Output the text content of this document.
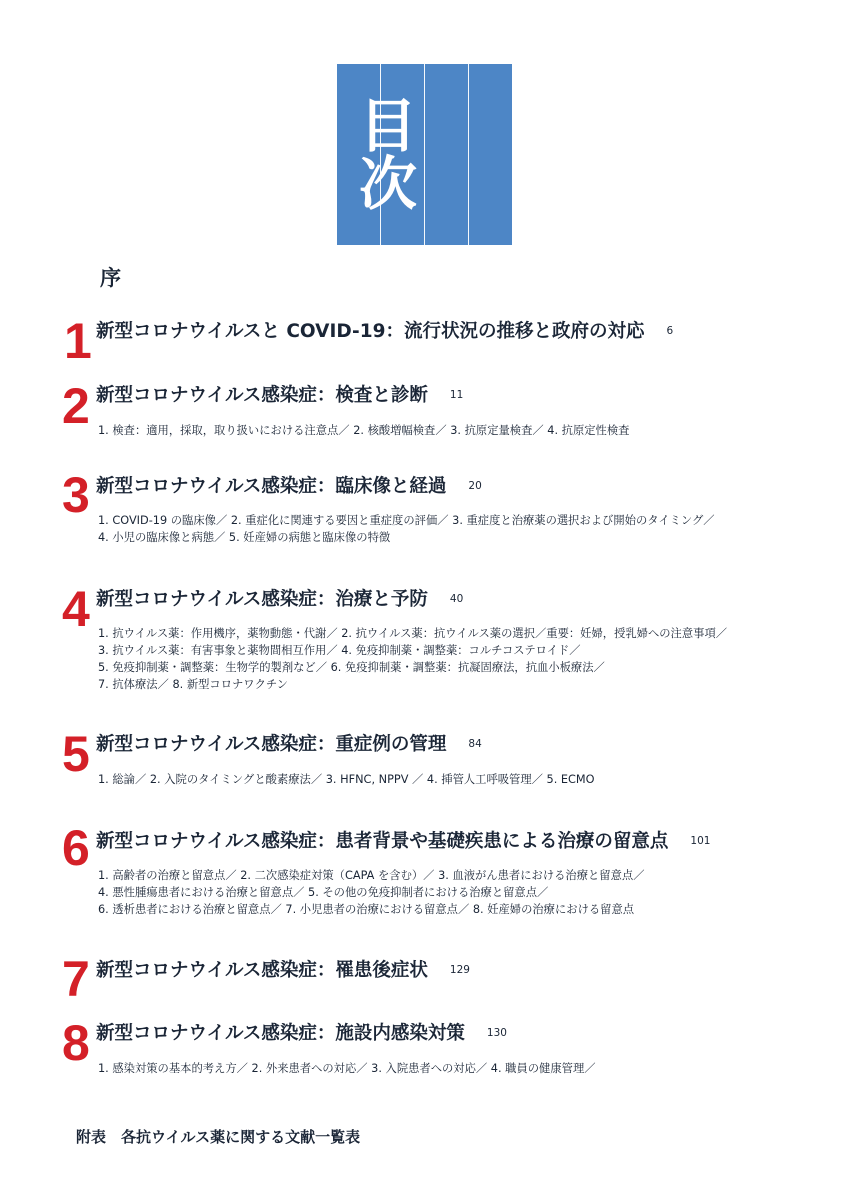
目 次
序
1 新型コロナウイルスと COVID-19：流行状況の推移と政府の対応 6
2 新型コロナウイルス感染症：検査と診断 11
1. 検査：適用，採取，取り扱いにおける注意点／ 2. 核酸増幅検査／ 3. 抗原定量検査／ 4. 抗原定性検査
3 新型コロナウイルス感染症：臨床像と経過 20
1. COVID-19 の臨床像／ 2. 重症化に関連する要因と重症度の評価／ 3. 重症度と治療薬の選択および開始のタイミング／
4. 小児の臨床像と病態／ 5. 妊産婦の病態と臨床像の特徴
4 新型コロナウイルス感染症：治療と予防 40
1. 抗ウイルス薬：作用機序，薬物動態・代謝／ 2. 抗ウイルス薬：抗ウイルス薬の選択／重要：妊婦，授乳婦への注意事項／
3. 抗ウイルス薬：有害事象と薬物間相互作用／ 4. 免疫抑制薬・調整薬：コルチコステロイド／
5. 免疫抑制薬・調整薬：生物学的製剤など／ 6. 免疫抑制薬・調整薬：抗凝固療法，抗血小板療法／
7. 抗体療法／ 8. 新型コロナワクチン
5 新型コロナウイルス感染症：重症例の管理 84
1. 総論／ 2. 入院のタイミングと酸素療法／ 3. HFNC, NPPV ／ 4. 挿管人工呼吸管理／ 5. ECMO
6 新型コロナウイルス感染症：患者背景や基礎疾患による治療の留意点 101
1. 高齢者の治療と留意点／ 2. 二次感染症対策（CAPA を含む）／ 3. 血液がん患者における治療と留意点／
4. 悪性腫瘍患者における治療と留意点／ 5. その他の免疫抑制者における治療と留意点／
6. 透析患者における治療と留意点／ 7. 小児患者の治療における留意点／ 8. 妊産婦の治療における留意点
7 新型コロナウイルス感染症：罹患後症状 129
8 新型コロナウイルス感染症：施設内感染対策 130
1. 感染対策の基本的考え方／ 2. 外来患者への対応／ 3. 入院患者への対応／ 4. 職員の健康管理／
附表　各抗ウイルス薬に関する文献一覧表
